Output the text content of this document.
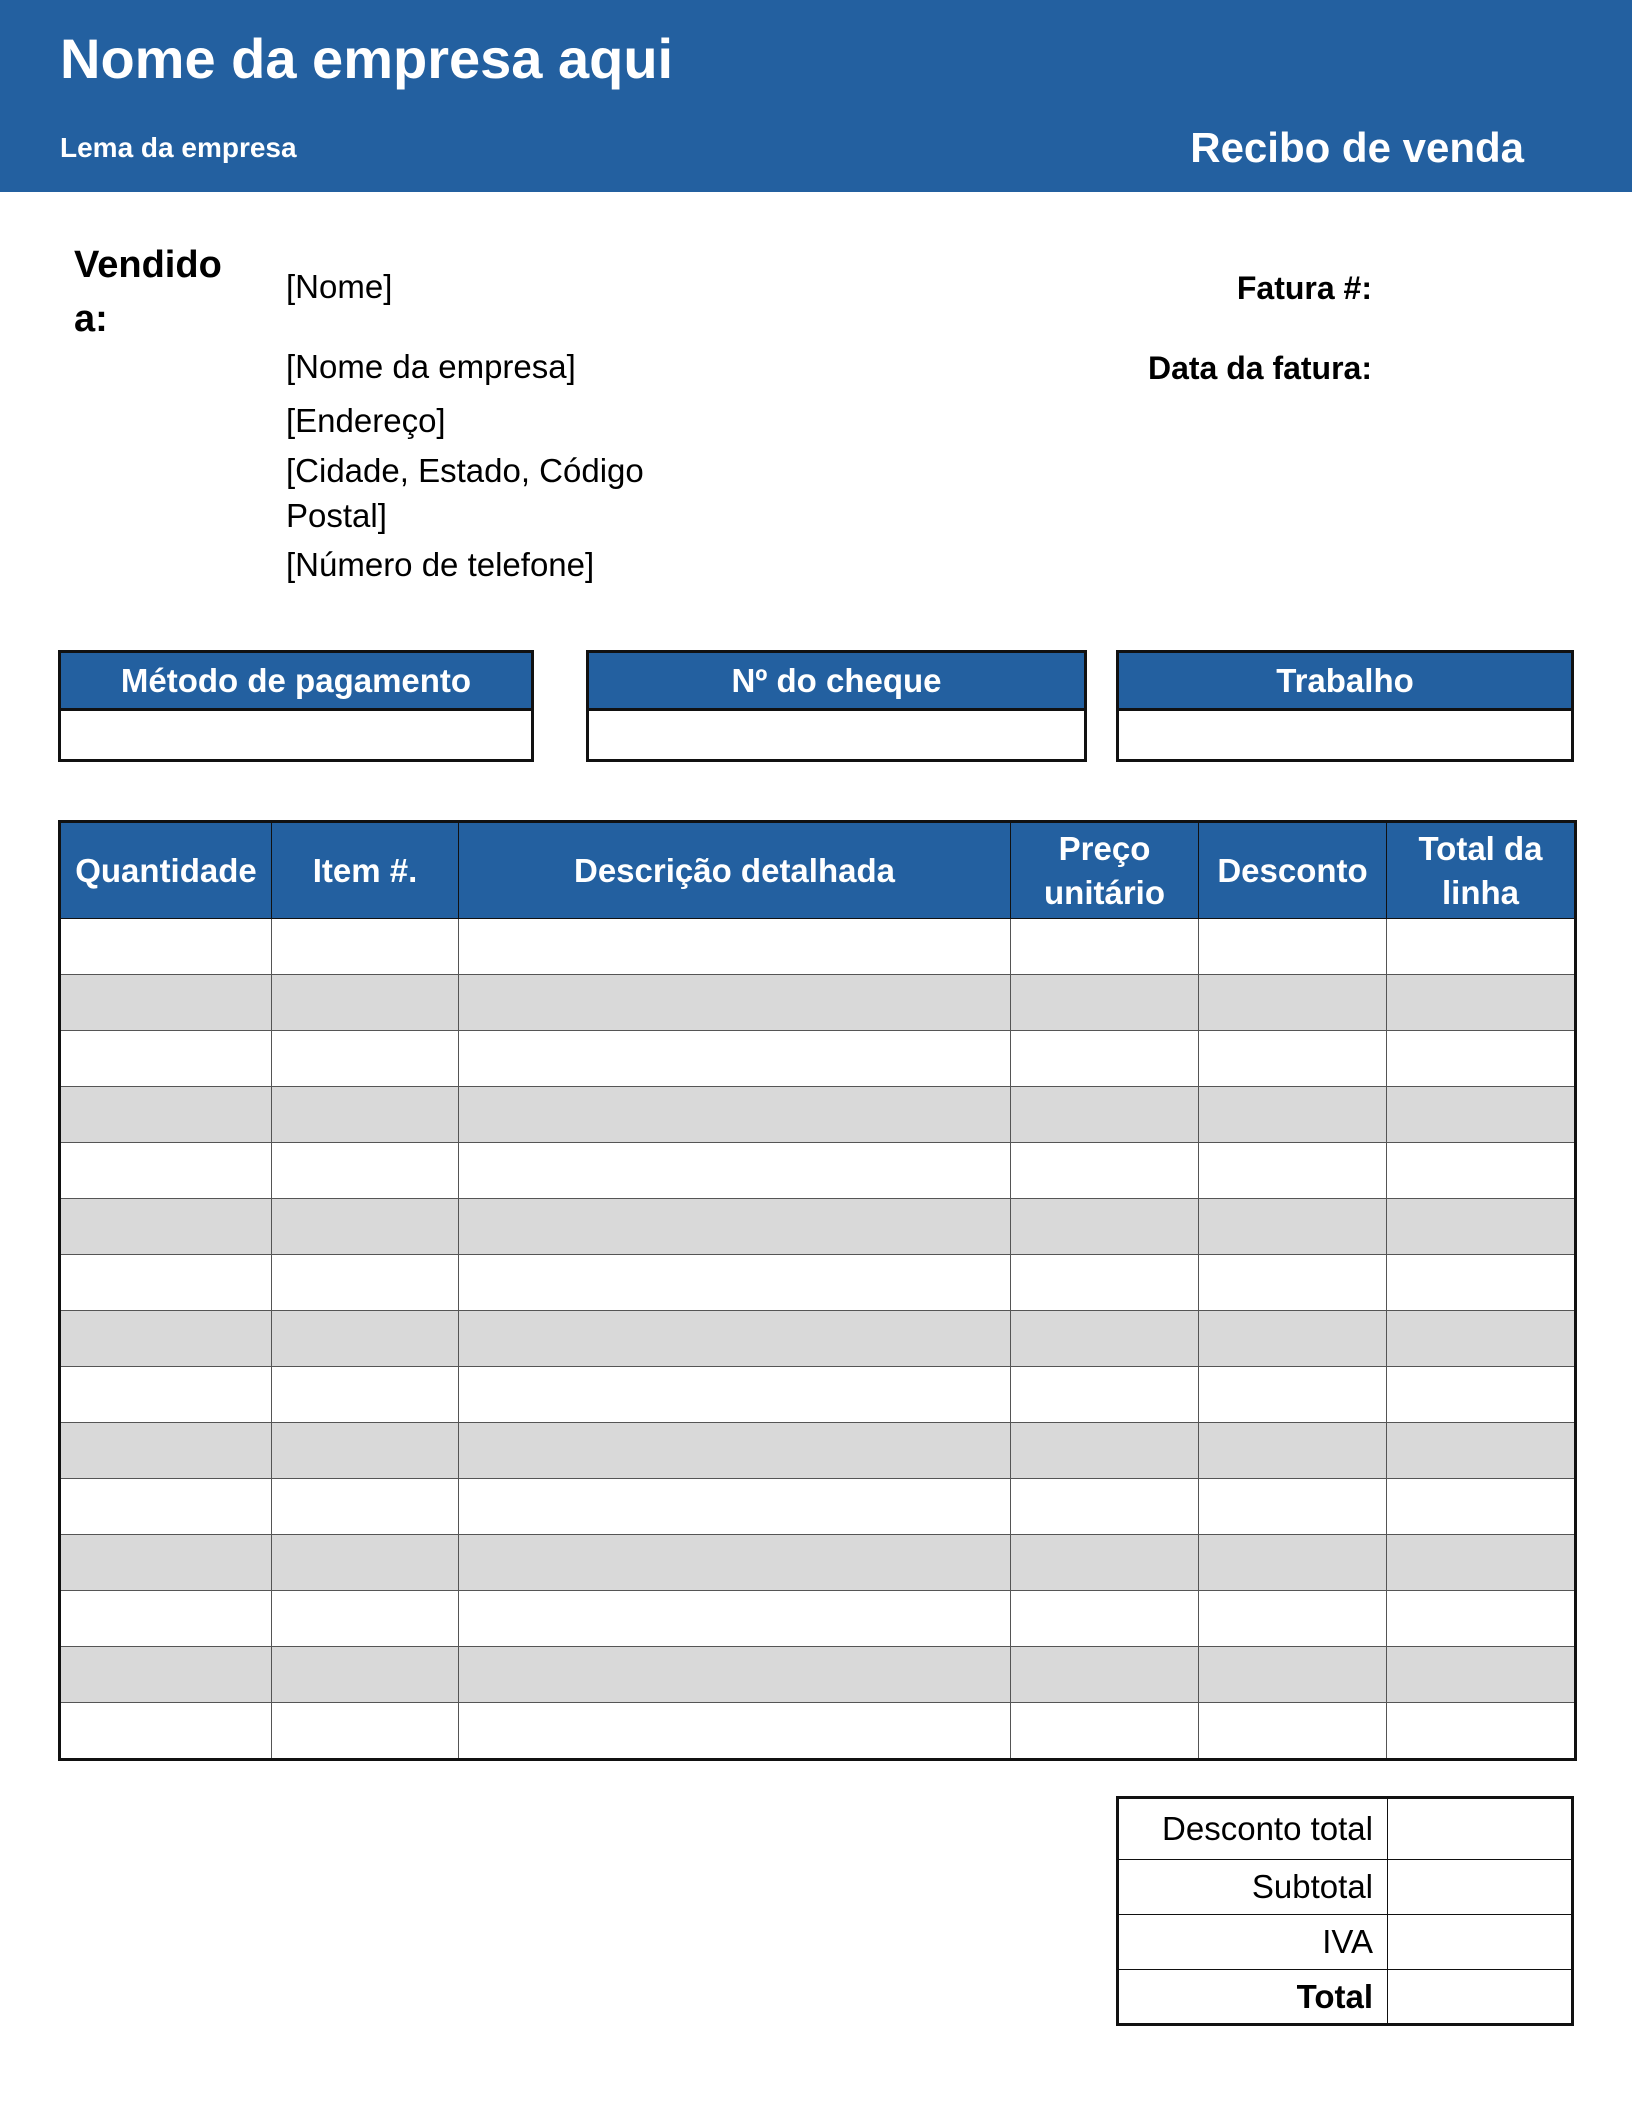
Nome da empresa aqui
Lema da empresa	Recibo de venda
Vendido a:
[Nome]
[Nome da empresa]
[Endereço]
[Cidade, Estado, Código Postal]
[Número de telefone]
Fatura #:
Data da fatura:
Método de pagamento	Nº do cheque	Trabalho
Quantidade	Item #.	Descrição detalhada	Preço unitário	Desconto	Total da linha

Desconto total	
Subtotal	
IVA	
Total	
